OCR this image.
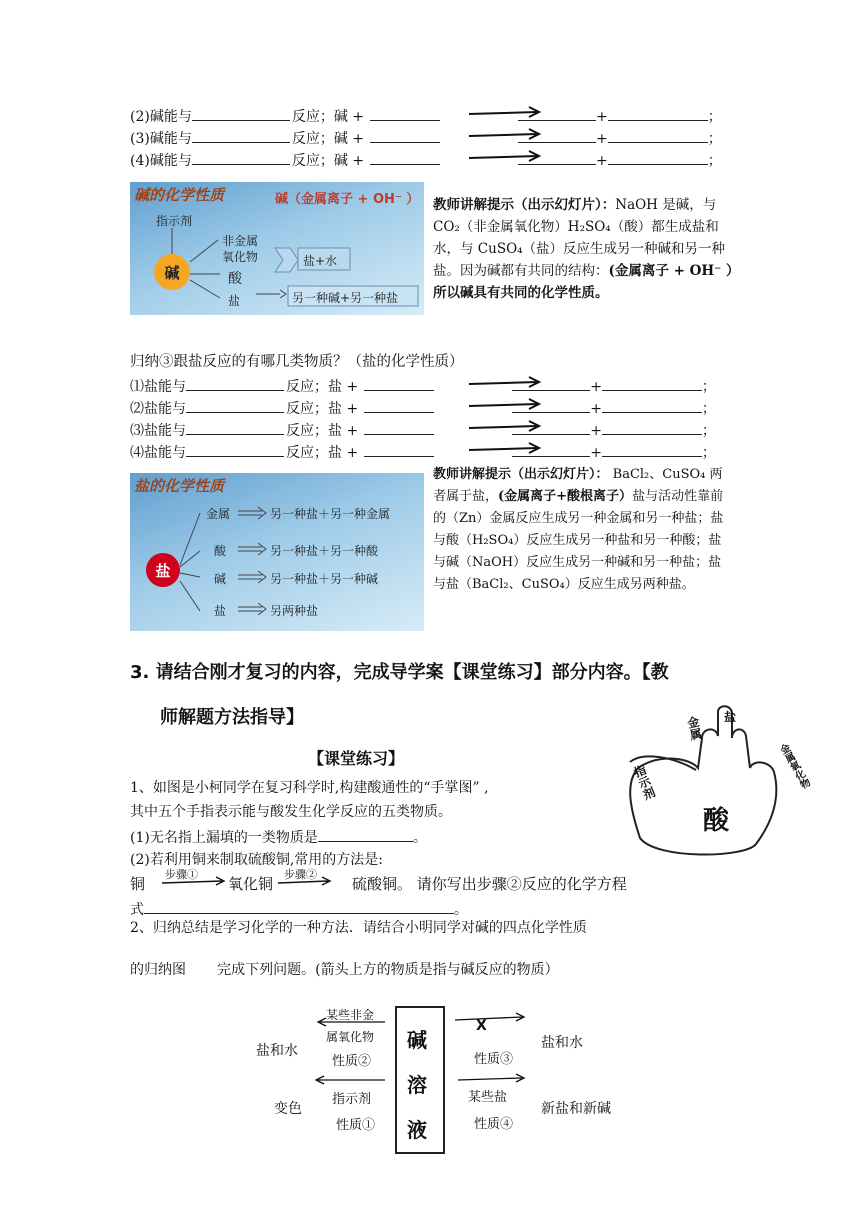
(2)碱能与	反应；碱 +	+	；
(3)碱能与	反应；碱 +	+	；
(4)碱能与	反应；碱 +	+	；
碱的化学性质	碱（金属离子 + OH⁻ ）
指示剂
非金属
氧化物
碱	酸
盐
盐+水
另一种碱+另一种盐
教师讲解提示（出示幻灯片）：NaOH 是碱，与 CO₂（非金属氧化物）H₂SO₄（酸）都生成盐和水，与 CuSO₄（盐）反应生成另一种碱和另一种盐。因为碱都有共同的结构：(金属离子 + OH⁻ ）所以碱具有共同的化学性质。
归纳③跟盐反应的有哪几类物质？（盐的化学性质）
⑴盐能与	反应；盐 +	+	；
⑵盐能与	反应；盐 +	+	；
⑶盐能与	反应；盐 +	+	；
⑷盐能与	反应；盐 +	+	；
盐的化学性质
盐
金属	另一种盐＋另一种金属
酸	另一种盐＋另一种酸
碱	另一种盐＋另一种碱
盐	另两种盐
教师讲解提示（出示幻灯片）： BaCl₂、CuSO₄ 两者属于盐，(金属离子+酸根离子）盐与活动性靠前的（Zn）金属反应生成另一种金属和另一种盐；盐与酸（H₂SO₄）反应生成另一种盐和另一种酸；盐与碱（NaOH）反应生成另一种碱和另一种盐；盐与盐（BaCl₂、CuSO₄）反应生成另两种盐。
3. 请结合刚才复习的内容，完成导学案【课堂练习】部分内容。【教
师解题方法指导】
【课堂练习】
1、如图是小柯同学在复习科学时,构建酸通性的“手掌图” ,
其中五个手指表示能与酸发生化学反应的五类物质。
(1)无名指上漏填的一类物质是	。
(2)若利用铜来制取硫酸铜,常用的方法是:
铜	氧化铜	硫酸铜。 请你写出步骤②反应的化学方程
步骤①	步骤②
式	。
酸
指示剂
金属 盐
金属氧化物
2、归纳总结是学习化学的一种方法．请结合小明同学对碱的四点化学性质
的归纳图       完成下列问题。(箭头上方的物质是指与碱反应的物质）
碱
溶
液
某些非金
属氧化物
性质②
盐和水
指示剂
性质①
变色
X
性质③
盐和水
某些盐
性质④
新盐和新碱
